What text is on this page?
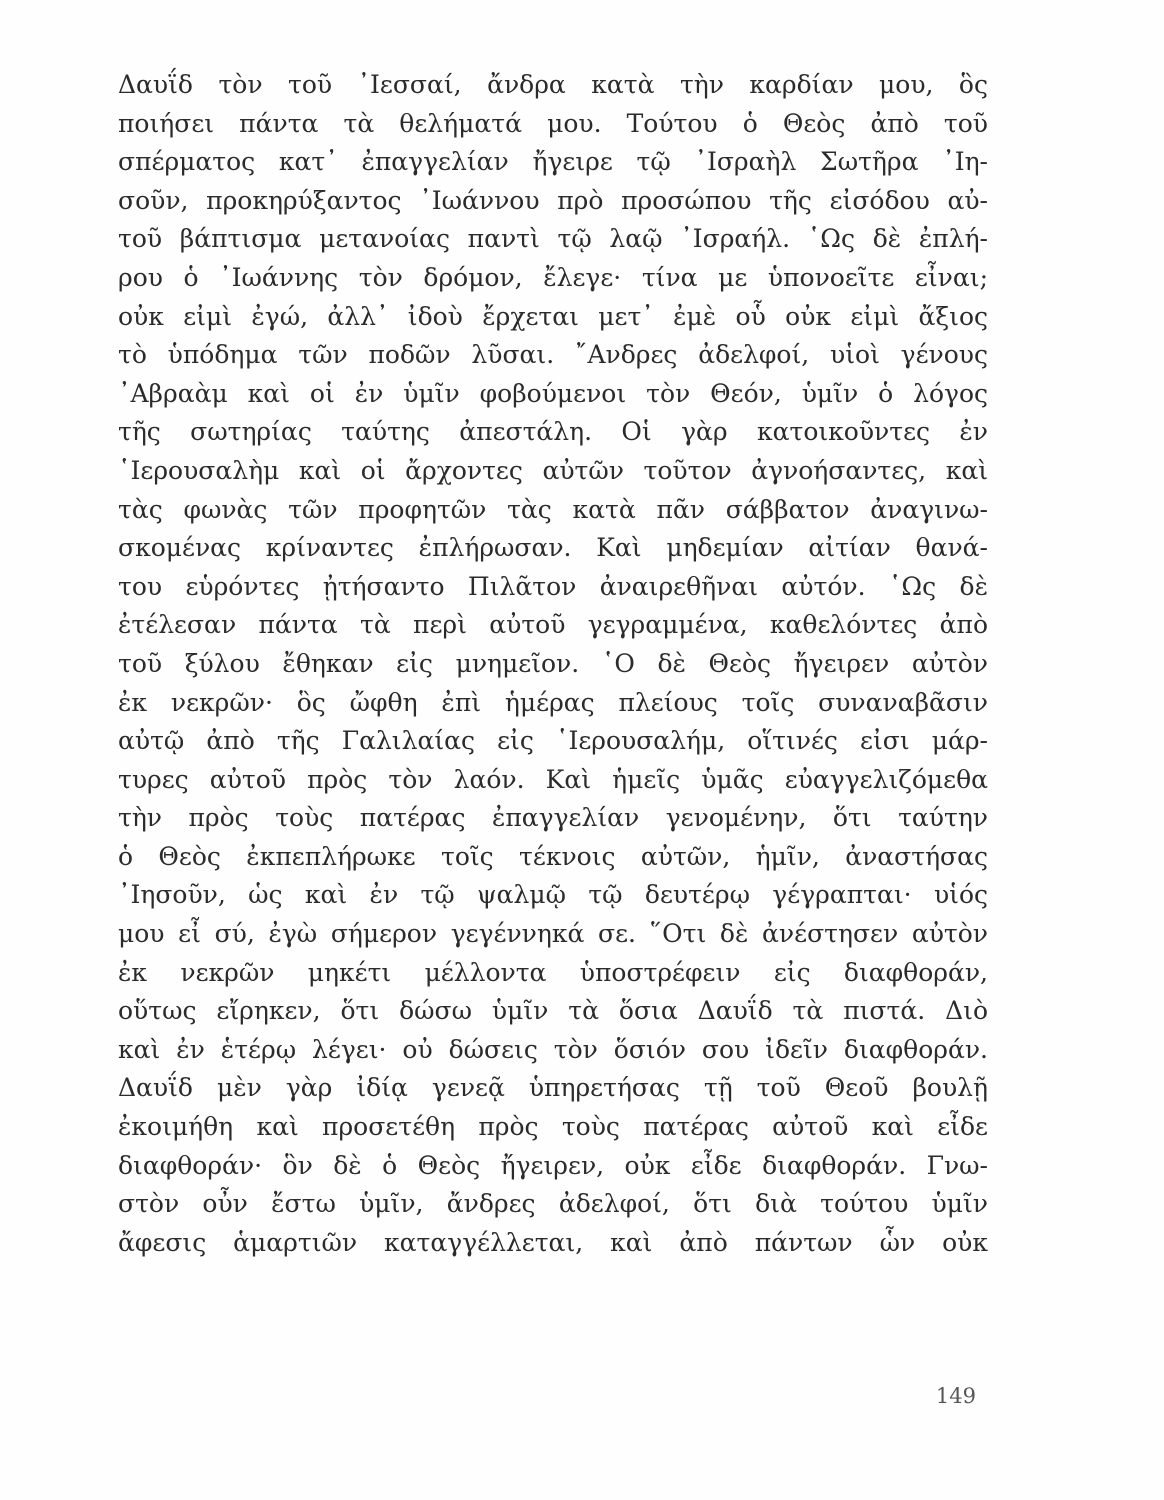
Δαυΐδ τὸν τοῦ ᾿Ιεσσαί, ἄνδρα κατὰ τὴν καρδίαν μου, ὃς
ποιήσει πάντα τὰ θελήματά μου. Τούτου ὁ Θεὸς ἀπὸ τοῦ
σπέρματος κατ᾿ ἐπαγγελίαν ἤγειρε τῷ ᾿Ισραὴλ Σωτῆρα ᾿Ιη-
σοῦν, προκηρύξαντος ᾿Ιωάννου πρὸ προσώπου τῆς εἰσόδου αὐ-
τοῦ βάπτισμα μετανοίας παντὶ τῷ λαῷ ᾿Ισραήλ. ῾Ως δὲ ἐπλή-
ρου ὁ ᾿Ιωάννης τὸν δρόμον, ἔλεγε· τίνα με ὑπονοεῖτε εἶναι;
οὐκ εἰμὶ ἐγώ, ἀλλ᾿ ἰδοὺ ἔρχεται μετ᾿ ἐμὲ οὗ οὐκ εἰμὶ ἄξιος
τὸ ὑπόδημα τῶν ποδῶν λῦσαι. ῎Ανδρες ἀδελφοί, υἱοὶ γένους
᾿Αβραὰμ καὶ οἱ ἐν ὑμῖν φοβούμενοι τὸν Θεόν, ὑμῖν ὁ λόγος
τῆς σωτηρίας ταύτης ἀπεστάλη. Οἱ γὰρ κατοικοῦντες ἐν
῾Ιερουσαλὴμ καὶ οἱ ἄρχοντες αὐτῶν τοῦτον ἀγνοήσαντες, καὶ
τὰς φωνὰς τῶν προφητῶν τὰς κατὰ πᾶν σάββατον ἀναγινω-
σκομένας κρίναντες ἐπλήρωσαν. Καὶ μηδεμίαν αἰτίαν θανά-
του εὑρόντες ᾐτήσαντο Πιλᾶτον ἀναιρεθῆναι αὐτόν. ῾Ως δὲ
ἐτέλεσαν πάντα τὰ περὶ αὐτοῦ γεγραμμένα, καθελόντες ἀπὸ
τοῦ ξύλου ἔθηκαν εἰς μνημεῖον. ῾Ο δὲ Θεὸς ἤγειρεν αὐτὸν
ἐκ νεκρῶν· ὃς ὤφθη ἐπὶ ἡμέρας πλείους τοῖς συναναβᾶσιν
αὐτῷ ἀπὸ τῆς Γαλιλαίας εἰς ῾Ιερουσαλήμ, οἵτινές εἰσι μάρ-
τυρες αὐτοῦ πρὸς τὸν λαόν. Καὶ ἡμεῖς ὑμᾶς εὐαγγελιζόμεθα
τὴν πρὸς τοὺς πατέρας ἐπαγγελίαν γενομένην, ὅτι ταύτην
ὁ Θεὸς ἐκπεπλήρωκε τοῖς τέκνοις αὐτῶν, ἡμῖν, ἀναστήσας
᾿Ιησοῦν, ὡς καὶ ἐν τῷ ψαλμῷ τῷ δευτέρῳ γέγραπται· υἱός
μου εἶ σύ, ἐγὼ σήμερον γεγέννηκά σε. ῞Οτι δὲ ἀνέστησεν αὐτὸν
ἐκ νεκρῶν μηκέτι μέλλοντα ὑποστρέφειν εἰς διαφθοράν,
οὕτως εἴρηκεν, ὅτι δώσω ὑμῖν τὰ ὅσια Δαυΐδ τὰ πιστά. Διὸ
καὶ ἐν ἑτέρῳ λέγει· οὐ δώσεις τὸν ὅσιόν σου ἰδεῖν διαφθοράν.
Δαυΐδ μὲν γὰρ ἰδίᾳ γενεᾷ ὑπηρετήσας τῇ τοῦ Θεοῦ βουλῇ
ἐκοιμήθη καὶ προσετέθη πρὸς τοὺς πατέρας αὐτοῦ καὶ εἶδε
διαφθοράν· ὃν δὲ ὁ Θεὸς ἤγειρεν, οὐκ εἶδε διαφθοράν. Γνω-
στὸν οὖν ἔστω ὑμῖν, ἄνδρες ἀδελφοί, ὅτι διὰ τούτου ὑμῖν
ἄφεσις ἁμαρτιῶν καταγγέλλεται, καὶ ἀπὸ πάντων ὧν οὐκ
149
